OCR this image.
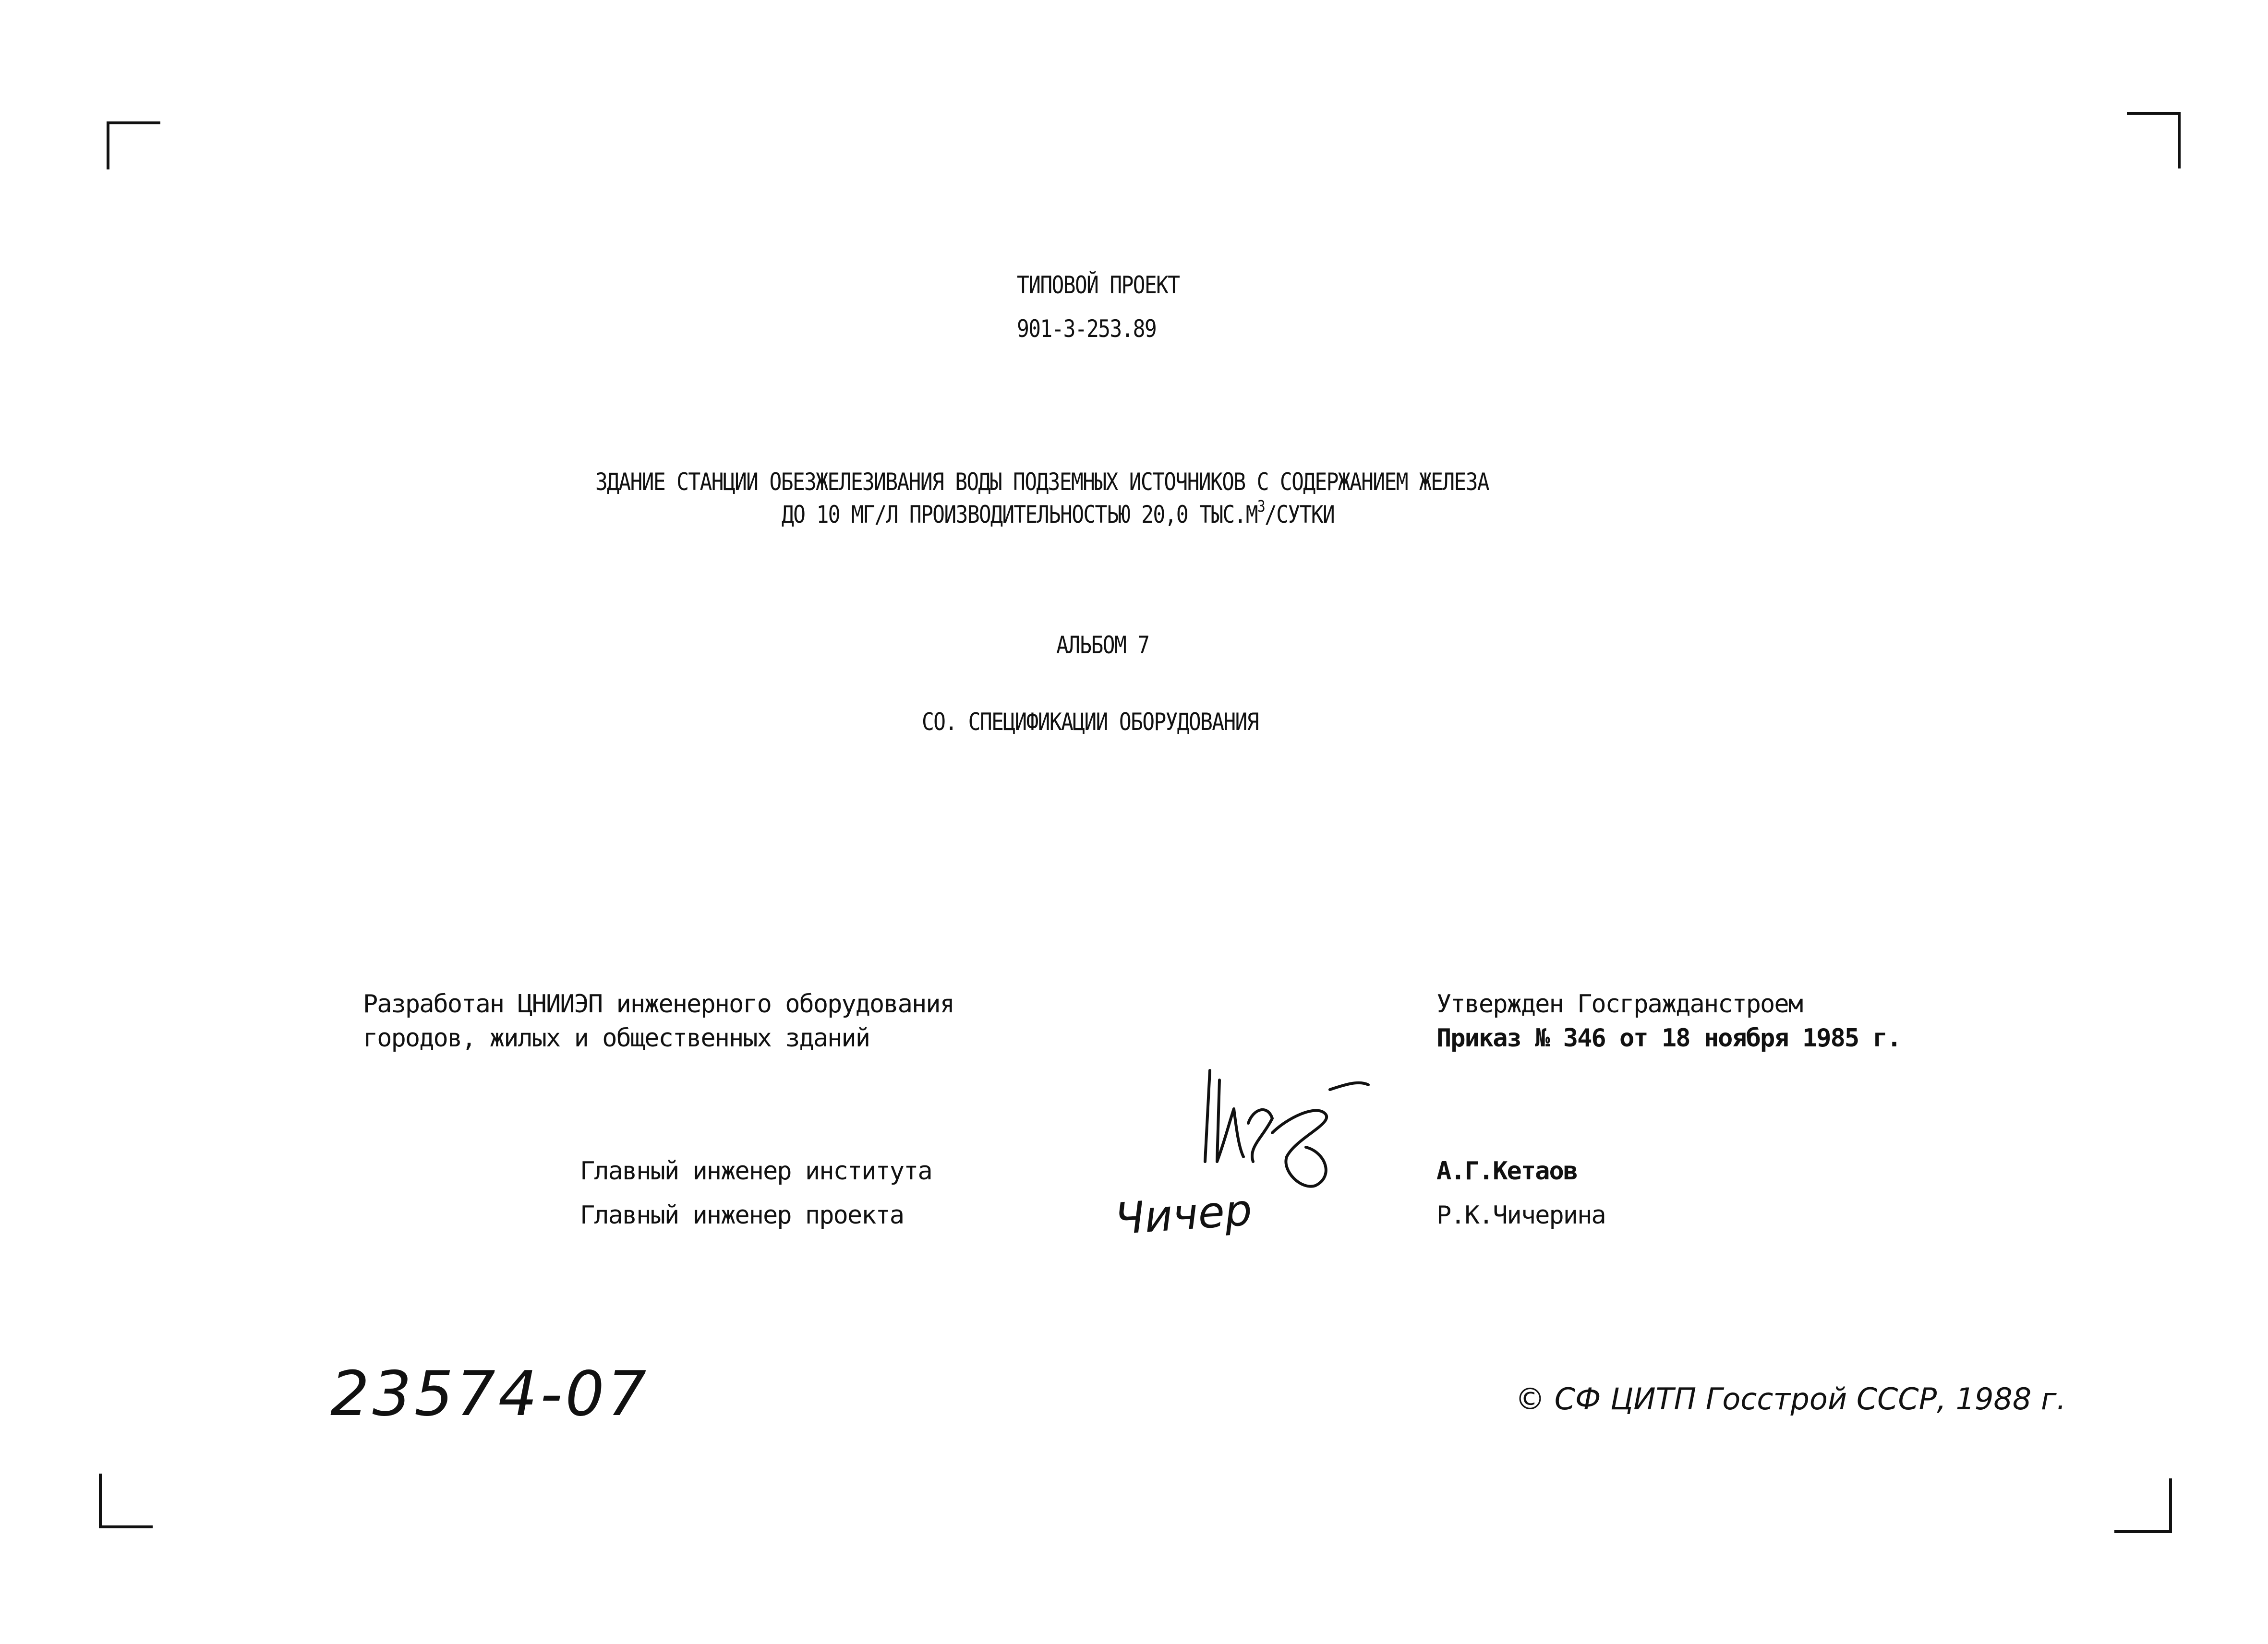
ТИПОВОЙ ПРОЕКТ
901-3-253.89
ЗДАНИЕ СТАНЦИИ ОБЕЗЖЕЛЕЗИВАНИЯ ВОДЫ ПОДЗЕМНЫХ ИСТОЧНИКОВ С СОДЕРЖАНИЕМ ЖЕЛЕЗА
ДО 10 МГ/Л ПРОИЗВОДИТЕЛЬНОСТЬЮ 20,0 $ТЫС.М^3$/СУТКИ
АЛЬБОМ 7
СО. СПЕЦИФИКАЦИИ ОБОРУДОВАНИЯ
Разработан ЦНИИЭП инженерного оборудования
городов, жилых и общественных зданий
Утвержден Госгражданстроем
Приказ № 346 от 18 ноября 1985 г.
Главный инженер института	А.Г.Кетаов
Главный инженер проекта	Р.К.Чичерина
Чичер
23574-07	© СФ ЦИТП Госстрой СССР, 1988 г.
